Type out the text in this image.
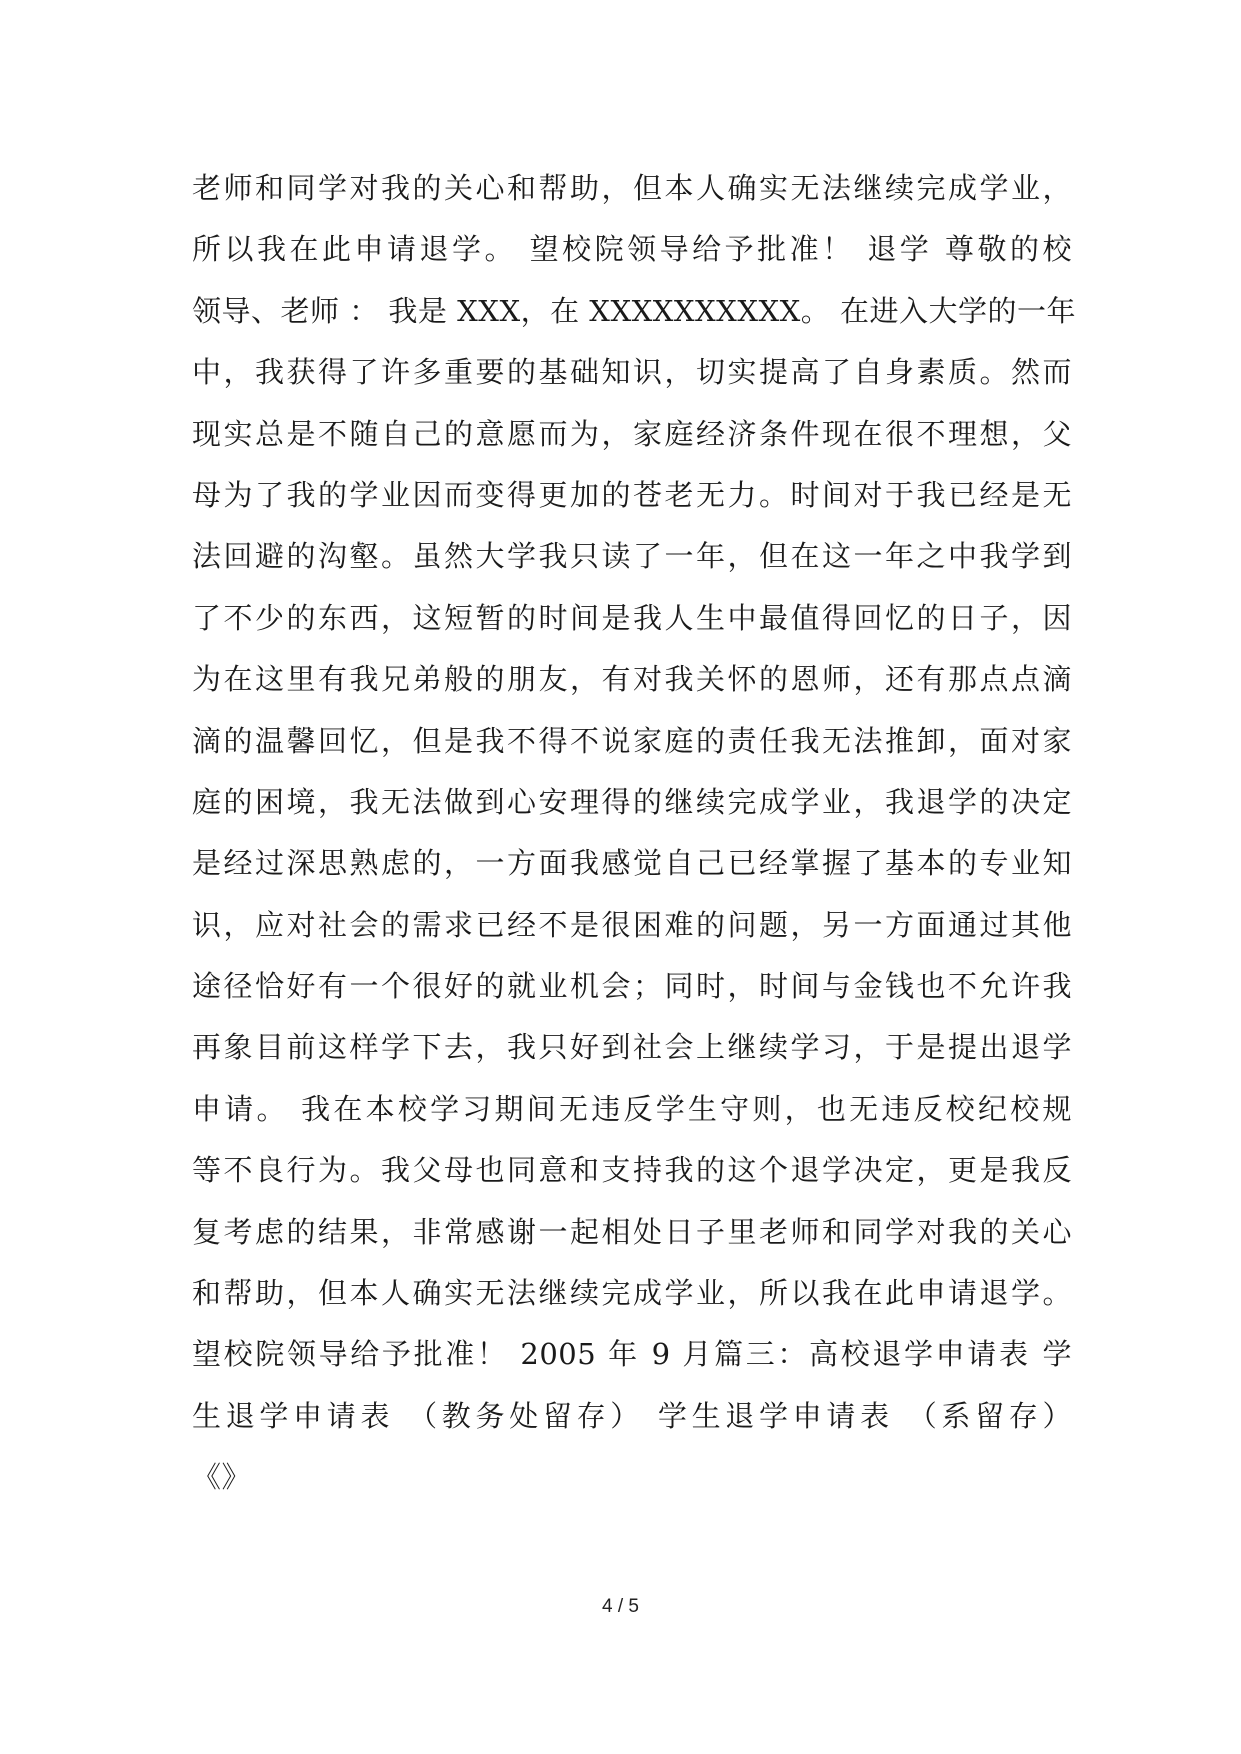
老师和同学对我的关心和帮助，但本人确实无法继续完成学业，
所以我在此申请退学。 望校院领导给予批准！ 退学 尊敬的校
领导、老师 ： 我是 XXX，在 XXXXXXXXXX。 在进入大学的一年
中，我获得了许多重要的基础知识，切实提高了自身素质。然而
现实总是不随自己的意愿而为，家庭经济条件现在很不理想，父
母为了我的学业因而变得更加的苍老无力。时间对于我已经是无
法回避的沟壑。虽然大学我只读了一年，但在这一年之中我学到
了不少的东西，这短暂的时间是我人生中最值得回忆的日子，因
为在这里有我兄弟般的朋友，有对我关怀的恩师，还有那点点滴
滴的温馨回忆，但是我不得不说家庭的责任我无法推卸，面对家
庭的困境，我无法做到心安理得的继续完成学业，我退学的决定
是经过深思熟虑的，一方面我感觉自己已经掌握了基本的专业知
识，应对社会的需求已经不是很困难的问题，另一方面通过其他
途径恰好有一个很好的就业机会；同时，时间与金钱也不允许我
再象目前这样学下去，我只好到社会上继续学习，于是提出退学
申请。 我在本校学习期间无违反学生守则，也无违反校纪校规
等不良行为。我父母也同意和支持我的这个退学决定，更是我反
复考虑的结果，非常感谢一起相处日子里老师和同学对我的关心
和帮助，但本人确实无法继续完成学业，所以我在此申请退学。
望校院领导给予批准！ 2005 年 9 月篇三：高校退学申请表 学
生退学申请表 （教务处留存） 学生退学申请表 （系留存）
《》
4 / 5
